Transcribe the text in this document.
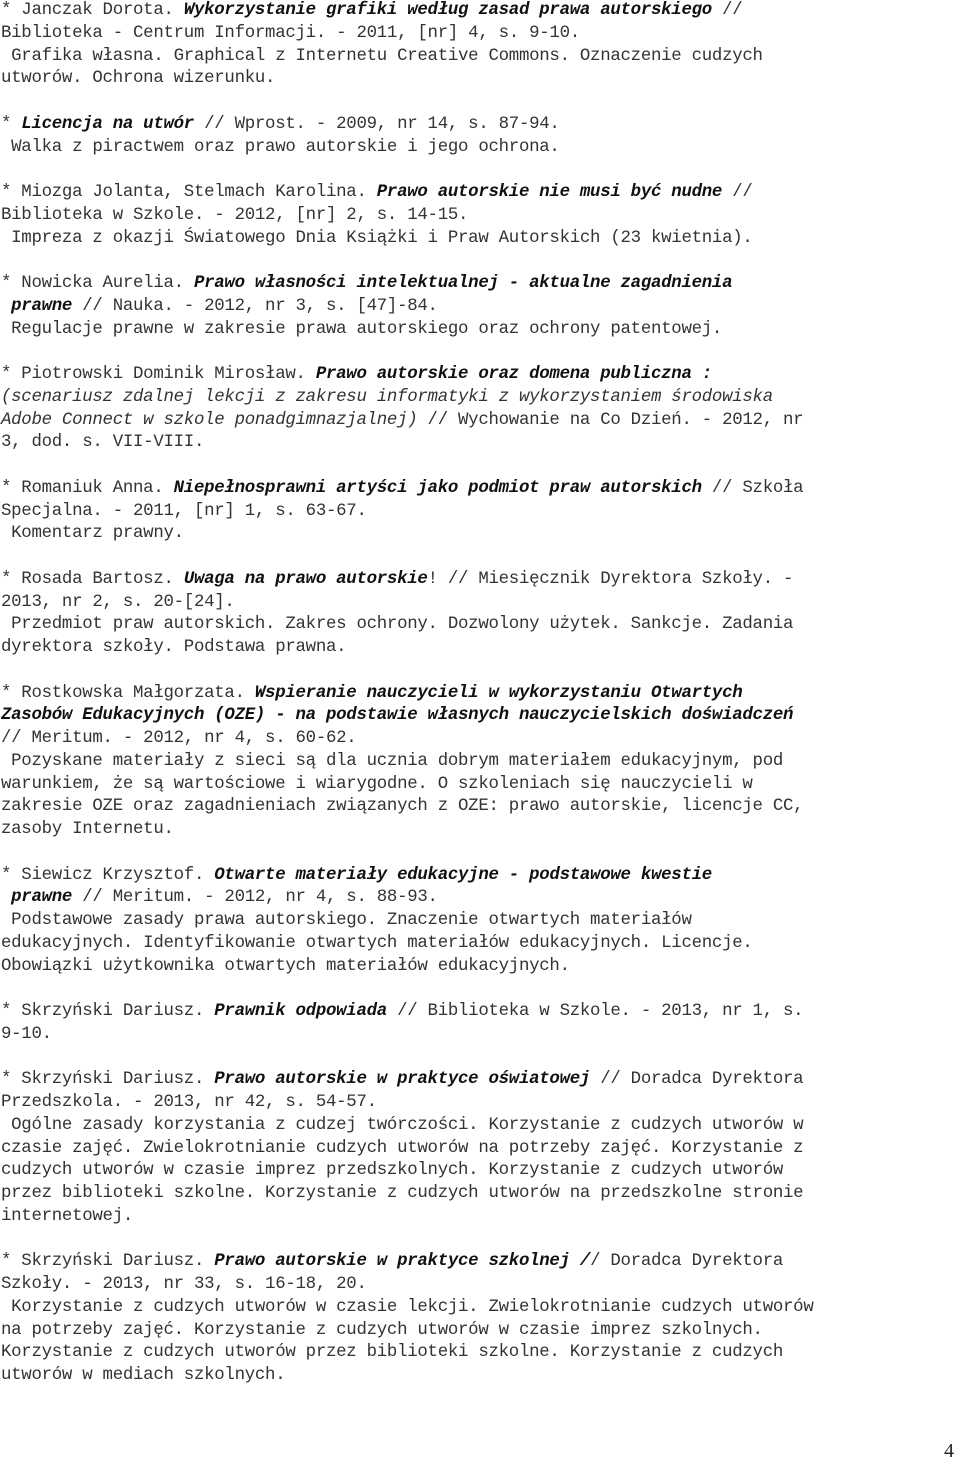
* Janczak Dorota. Wykorzystanie grafiki według zasad prawa autorskiego //
Biblioteka - Centrum Informacji. - 2011, [nr] 4, s. 9-10.
Grafika własna. Graphical z Internetu Creative Commons. Oznaczenie cudzych
utworów. Ochrona wizerunku.
* Licencja na utwór // Wprost. - 2009, nr 14, s. 87-94.
Walka z piractwem oraz prawo autorskie i jego ochrona.
* Miozga Jolanta, Stelmach Karolina. Prawo autorskie nie musi być nudne //
Biblioteka w Szkole. - 2012, [nr] 2, s. 14-15.
Impreza z okazji Światowego Dnia Książki i Praw Autorskich (23 kwietnia).
* Nowicka Aurelia. Prawo własności intelektualnej - aktualne zagadnienia
prawne // Nauka. - 2012, nr 3, s. [47]-84.
Regulacje prawne w zakresie prawa autorskiego oraz ochrony patentowej.
* Piotrowski Dominik Mirosław. Prawo autorskie oraz domena publiczna :
(scenariusz zdalnej lekcji z zakresu informatyki z wykorzystaniem środowiska
Adobe Connect w szkole ponadgimnazjalnej) // Wychowanie na Co Dzień. - 2012, nr
3, dod. s. VII-VIII.
* Romaniuk Anna. Niepełnosprawni artyści jako podmiot praw autorskich // Szkoła
Specjalna. - 2011, [nr] 1, s. 63-67.
Komentarz prawny.
* Rosada Bartosz. Uwaga na prawo autorskie! // Miesięcznik Dyrektora Szkoły. -
2013, nr 2, s. 20-[24].
Przedmiot praw autorskich. Zakres ochrony. Dozwolony użytek. Sankcje. Zadania
dyrektora szkoły. Podstawa prawna.
* Rostkowska Małgorzata. Wspieranie nauczycieli w wykorzystaniu Otwartych
Zasobów Edukacyjnych (OZE) - na podstawie własnych nauczycielskich doświadczeń
// Meritum. - 2012, nr 4, s. 60-62.
Pozyskane materiały z sieci są dla ucznia dobrym materiałem edukacyjnym, pod
warunkiem, że są wartościowe i wiarygodne. O szkoleniach się nauczycieli w
zakresie OZE oraz zagadnieniach związanych z OZE: prawo autorskie, licencje CC,
zasoby Internetu.
* Siewicz Krzysztof. Otwarte materiały edukacyjne - podstawowe kwestie
prawne // Meritum. - 2012, nr 4, s. 88-93.
Podstawowe zasady prawa autorskiego. Znaczenie otwartych materiałów
edukacyjnych. Identyfikowanie otwartych materiałów edukacyjnych. Licencje.
Obowiązki użytkownika otwartych materiałów edukacyjnych.
* Skrzyński Dariusz. Prawnik odpowiada // Biblioteka w Szkole. - 2013, nr 1, s.
9-10.
* Skrzyński Dariusz. Prawo autorskie w praktyce oświatowej // Doradca Dyrektora
Przedszkola. - 2013, nr 42, s. 54-57.
Ogólne zasady korzystania z cudzej twórczości. Korzystanie z cudzych utworów w
czasie zajęć. Zwielokrotnianie cudzych utworów na potrzeby zajęć. Korzystanie z
cudzych utworów w czasie imprez przedszkolnych. Korzystanie z cudzych utworów
przez biblioteki szkolne. Korzystanie z cudzych utworów na przedszkolne stronie
internetowej.
* Skrzyński Dariusz. Prawo autorskie w praktyce szkolnej // Doradca Dyrektora
Szkoły. - 2013, nr 33, s. 16-18, 20.
Korzystanie z cudzych utworów w czasie lekcji. Zwielokrotnianie cudzych utworów
na potrzeby zajęć. Korzystanie z cudzych utworów w czasie imprez szkolnych.
Korzystanie z cudzych utworów przez biblioteki szkolne. Korzystanie z cudzych
utworów w mediach szkolnych.
4
